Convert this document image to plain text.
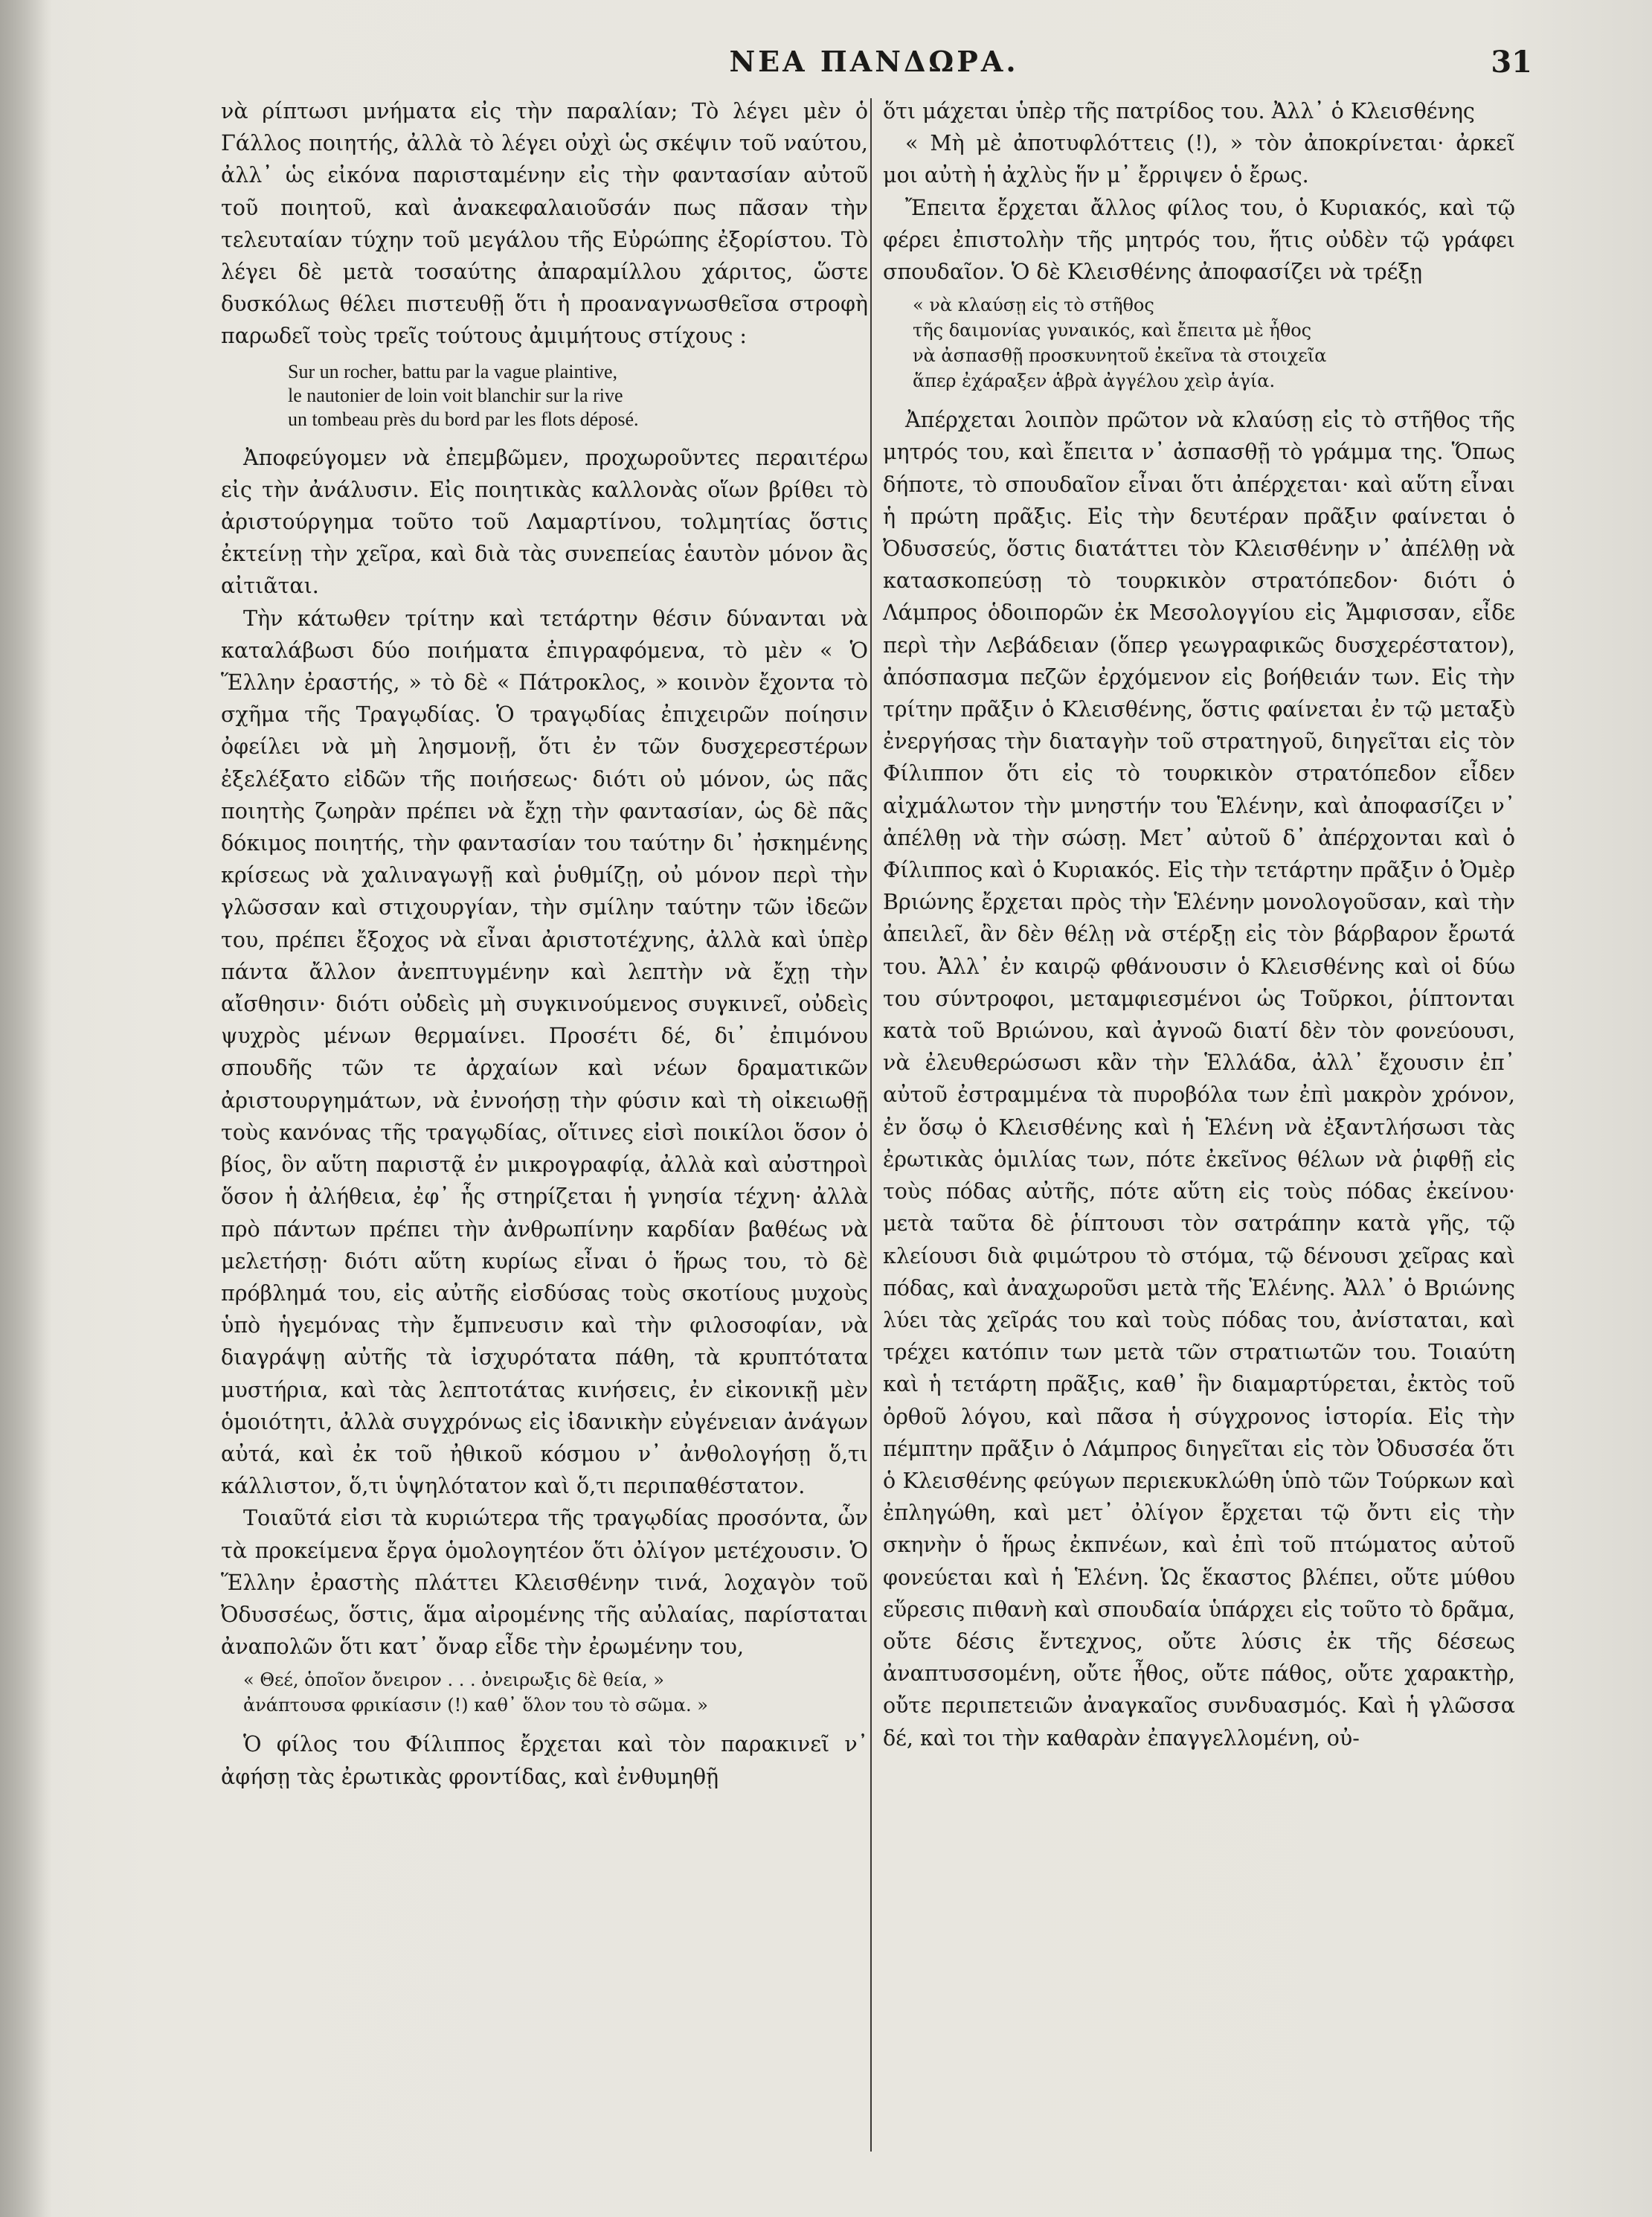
ΝΕΑ ΠΑΝΔΩΡΑ.	31

νὰ ρίπτωσι μνήματα εἰς τὴν παραλίαν; Τὸ λέγει μὲν ὁ Γάλλος ποιητής, ἀλλὰ τὸ λέγει οὐχὶ ὡς σκέψιν τοῦ ναύτου, ἀλλ᾽ ὡς εἰκόνα παρισταμένην εἰς τὴν φαντασίαν αὐτοῦ τοῦ ποιητοῦ, καὶ ἀνακεφαλαιοῦσάν πως πᾶσαν τὴν τελευταίαν τύχην τοῦ μεγάλου τῆς Εὐρώπης ἐξορίστου. Τὸ λέγει δὲ μετὰ τοσαύτης ἀπαραμίλλου χάριτος, ὥστε δυσκόλως θέλει πιστευθῇ ὅτι ἡ προαναγνωσθεῖσα στροφὴ παρωδεῖ τοὺς τρεῖς τούτους ἀμιμήτους στίχους :

Sur un rocher, battu par la vague plaintive,
le nautonier de loin voit blanchir sur la rive
un tombeau près du bord par les flots déposé.

Ἀποφεύγομεν νὰ ἐπεμβῶμεν, προχωροῦντες περαιτέρω εἰς τὴν ἀνάλυσιν. Εἰς ποιητικὰς καλλονὰς οἵων βρίθει τὸ ἀριστούργημα τοῦτο τοῦ Λαμαρτίνου, τολμητίας ὅστις ἐκτείνῃ τὴν χεῖρα, καὶ διὰ τὰς συνεπείας ἑαυτὸν μόνον ἂς αἰτιᾶται.

Τὴν κάτωθεν τρίτην καὶ τετάρτην θέσιν δύνανται νὰ καταλάβωσι δύο ποιήματα ἐπιγραφόμενα, τὸ μὲν « Ὁ Ἕλλην ἐραστής, » τὸ δὲ « Πάτροκλος, » κοινὸν ἔχοντα τὸ σχῆμα τῆς Τραγῳδίας. Ὁ τραγῳδίας ἐπιχειρῶν ποίησιν ὀφείλει νὰ μὴ λησμονῇ, ὅτι ἐν τῶν δυσχερεστέρων ἐξελέξατο εἰδῶν τῆς ποιήσεως· διότι οὐ μόνον, ὡς πᾶς ποιητὴς ζωηρὰν πρέπει νὰ ἔχῃ τὴν φαντασίαν, ὡς δὲ πᾶς δόκιμος ποιητής, τὴν φαντασίαν του ταύτην δι᾽ ἠσκημένης κρίσεως νὰ χαλιναγωγῇ καὶ ῥυθμίζῃ, οὐ μόνον περὶ τὴν γλῶσσαν καὶ στιχουργίαν, τὴν σμίλην ταύτην τῶν ἰδεῶν του, πρέπει ἔξοχος νὰ εἶναι ἀριστοτέχνης, ἀλλὰ καὶ ὑπὲρ πάντα ἄλλον ἀνεπτυγμένην καὶ λεπτὴν νὰ ἔχῃ τὴν αἴσθησιν· διότι οὐδεὶς μὴ συγκινούμενος συγκινεῖ, οὐδεὶς ψυχρὸς μένων θερμαίνει. Προσέτι δέ, δι᾽ ἐπιμόνου σπουδῆς τῶν τε ἀρχαίων καὶ νέων δραματικῶν ἀριστουργημάτων, νὰ ἐννοήσῃ τὴν φύσιν καὶ τὴ οἰκειωθῇ τοὺς κανόνας τῆς τραγῳδίας, οἵτινες εἰσὶ ποικίλοι ὅσον ὁ βίος, ὃν αὕτη παριστᾷ ἐν μικρογραφίᾳ, ἀλλὰ καὶ αὐστηροὶ ὅσον ἡ ἀλήθεια, ἐφ᾽ ἧς στηρίζεται ἡ γνησία τέχνη· ἀλλὰ πρὸ πάντων πρέπει τὴν ἀνθρωπίνην καρδίαν βαθέως νὰ μελετήσῃ· διότι αὕτη κυρίως εἶναι ὁ ἥρως του, τὸ δὲ πρόβλημά του, εἰς αὐτῆς εἰσδύσας τοὺς σκοτίους μυχοὺς ὑπὸ ἡγεμόνας τὴν ἔμπνευσιν καὶ τὴν φιλοσοφίαν, νὰ διαγράψῃ αὐτῆς τὰ ἰσχυρότατα πάθη, τὰ κρυπτότατα μυστήρια, καὶ τὰς λεπτοτάτας κινήσεις, ἐν εἰκονικῇ μὲν ὁμοιότητι, ἀλλὰ συγχρόνως εἰς ἰδανικὴν εὐγένειαν ἀνάγων αὐτά, καὶ ἐκ τοῦ ἠθικοῦ κόσμου ν᾽ ἀνθολογήσῃ ὅ,τι κάλλιστον, ὅ,τι ὑψηλότατον καὶ ὅ,τι περιπαθέστατον.

Τοιαῦτά εἰσι τὰ κυριώτερα τῆς τραγῳδίας προσόντα, ὧν τὰ προκείμενα ἔργα ὁμολογητέον ὅτι ὀλίγον μετέχουσιν. Ὁ Ἕλλην ἐραστὴς πλάττει Κλεισθένην τινά, λοχαγὸν τοῦ Ὀδυσσέως, ὅστις, ἅμα αἰρομένης τῆς αὐλαίας, παρίσταται ἀναπολῶν ὅτι κατ᾽ ὄναρ εἶδε τὴν ἐρωμένην του,

« Θεέ, ὁποῖον ὄνειρον . . . ὀνειρωξις δὲ θεία, »
ἀνάπτουσα φρικίασιν (!) καθ᾽ ὅλον του τὸ σῶμα. »

Ὁ φίλος του Φίλιππος ἔρχεται καὶ τὸν παρακινεῖ ν᾽ ἀφήσῃ τὰς ἐρωτικὰς φροντίδας, καὶ ἐνθυμηθῇ

ὅτι μάχεται ὑπὲρ τῆς πατρίδος του. Ἀλλ᾽ ὁ Κλεισθένης

« Μὴ μὲ ἀποτυφλόττεις (!), » τὸν ἀποκρίνεται· ἀρκεῖ μοι αὐτὴ ἡ ἀχλὺς ἥν μ᾽ ἔρριψεν ὁ ἔρως.

Ἔπειτα ἔρχεται ἄλλος φίλος του, ὁ Κυριακός, καὶ τῷ φέρει ἐπιστολὴν τῆς μητρός του, ἥτις οὐδὲν τῷ γράφει σπουδαῖον. Ὁ δὲ Κλεισθένης ἀποφασίζει νὰ τρέξῃ

« νὰ κλαύσῃ εἰς τὸ στῆθος
τῆς δαιμονίας γυναικός, καὶ ἔπειτα μὲ ἦθος
νὰ ἀσπασθῇ προσκυνητοῦ ἐκεῖνα τὰ στοιχεῖα
ἅπερ ἐχάραξεν ἁβρὰ ἀγγέλου χεὶρ ἁγία.

Ἀπέρχεται λοιπὸν πρῶτον νὰ κλαύσῃ εἰς τὸ στῆθος τῆς μητρός του, καὶ ἔπειτα ν᾽ ἀσπασθῇ τὸ γράμμα της. Ὅπως δήποτε, τὸ σπουδαῖον εἶναι ὅτι ἀπέρχεται· καὶ αὕτη εἶναι ἡ πρώτη πρᾶξις. Εἰς τὴν δευτέραν πρᾶξιν φαίνεται ὁ Ὀδυσσεύς, ὅστις διατάττει τὸν Κλεισθένην ν᾽ ἀπέλθῃ νὰ κατασκοπεύσῃ τὸ τουρκικὸν στρατόπεδον· διότι ὁ Λάμπρος ὁδοιπορῶν ἐκ Μεσολογγίου εἰς Ἄμφισσαν, εἶδε περὶ τὴν Λεβάδειαν (ὅπερ γεωγραφικῶς δυσχερέστατον), ἀπόσπασμα πεζῶν ἐρχόμενον εἰς βοήθειάν των. Εἰς τὴν τρίτην πρᾶξιν ὁ Κλεισθένης, ὅστις φαίνεται ἐν τῷ μεταξὺ ἐνεργήσας τὴν διαταγὴν τοῦ στρατηγοῦ, διηγεῖται εἰς τὸν Φίλιππον ὅτι εἰς τὸ τουρκικὸν στρατόπεδον εἶδεν αἰχμάλωτον τὴν μνηστήν του Ἑλένην, καὶ ἀποφασίζει ν᾽ ἀπέλθῃ νὰ τὴν σώσῃ. Μετ᾽ αὐτοῦ δ᾽ ἀπέρχονται καὶ ὁ Φίλιππος καὶ ὁ Κυριακός. Εἰς τὴν τετάρτην πρᾶξιν ὁ Ὀμὲρ Βριώνης ἔρχεται πρὸς τὴν Ἑλένην μονολογοῦσαν, καὶ τὴν ἀπειλεῖ, ἂν δὲν θέλῃ νὰ στέρξῃ εἰς τὸν βάρβαρον ἔρωτά του. Ἀλλ᾽ ἐν καιρῷ φθάνουσιν ὁ Κλεισθένης καὶ οἱ δύω του σύντροφοι, μεταμφιεσμένοι ὡς Τοῦρκοι, ῥίπτονται κατὰ τοῦ Βριώνου, καὶ ἀγνοῶ διατί δὲν τὸν φονεύουσι, νὰ ἐλευθερώσωσι κἂν τὴν Ἑλλάδα, ἀλλ᾽ ἔχουσιν ἐπ᾽ αὐτοῦ ἐστραμμένα τὰ πυροβόλα των ἐπὶ μακρὸν χρόνον, ἐν ὅσῳ ὁ Κλεισθένης καὶ ἡ Ἑλένη νὰ ἐξαντλήσωσι τὰς ἐρωτικὰς ὁμιλίας των, πότε ἐκεῖνος θέλων νὰ ῥιφθῇ εἰς τοὺς πόδας αὐτῆς, πότε αὕτη εἰς τοὺς πόδας ἐκείνου· μετὰ ταῦτα δὲ ῥίπτουσι τὸν σατράπην κατὰ γῆς, τῷ κλείουσι διὰ φιμώτρου τὸ στόμα, τῷ δένουσι χεῖρας καὶ πόδας, καὶ ἀναχωροῦσι μετὰ τῆς Ἑλένης. Ἀλλ᾽ ὁ Βριώνης λύει τὰς χεῖράς του καὶ τοὺς πόδας του, ἀνίσταται, καὶ τρέχει κατόπιν των μετὰ τῶν στρατιωτῶν του. Τοιαύτη καὶ ἡ τετάρτη πρᾶξις, καθ᾽ ἣν διαμαρτύρεται, ἐκτὸς τοῦ ὀρθοῦ λόγου, καὶ πᾶσα ἡ σύγχρονος ἱστορία. Εἰς τὴν πέμπτην πρᾶξιν ὁ Λάμπρος διηγεῖται εἰς τὸν Ὀδυσσέα ὅτι ὁ Κλεισθένης φεύγων περιεκυκλώθη ὑπὸ τῶν Τούρκων καὶ ἐπληγώθη, καὶ μετ᾽ ὀλίγον ἔρχεται τῷ ὄντι εἰς τὴν σκηνὴν ὁ ἥρως ἐκπνέων, καὶ ἐπὶ τοῦ πτώματος αὐτοῦ φονεύεται καὶ ἡ Ἑλένη. Ὡς ἕκαστος βλέπει, οὔτε μύθου εὕρεσις πιθανὴ καὶ σπουδαία ὑπάρχει εἰς τοῦτο τὸ δρᾶμα, οὔτε δέσις ἔντεχνος, οὔτε λύσις ἐκ τῆς δέσεως ἀναπτυσσομένη, οὔτε ἦθος, οὔτε πάθος, οὔτε χαρακτὴρ, οὔτε περιπετειῶν ἀναγκαῖος συνδυασμός. Καὶ ἡ γλῶσσα δέ, καὶ τοι τὴν καθαρὰν ἐπαγγελλομένη, οὐ-
